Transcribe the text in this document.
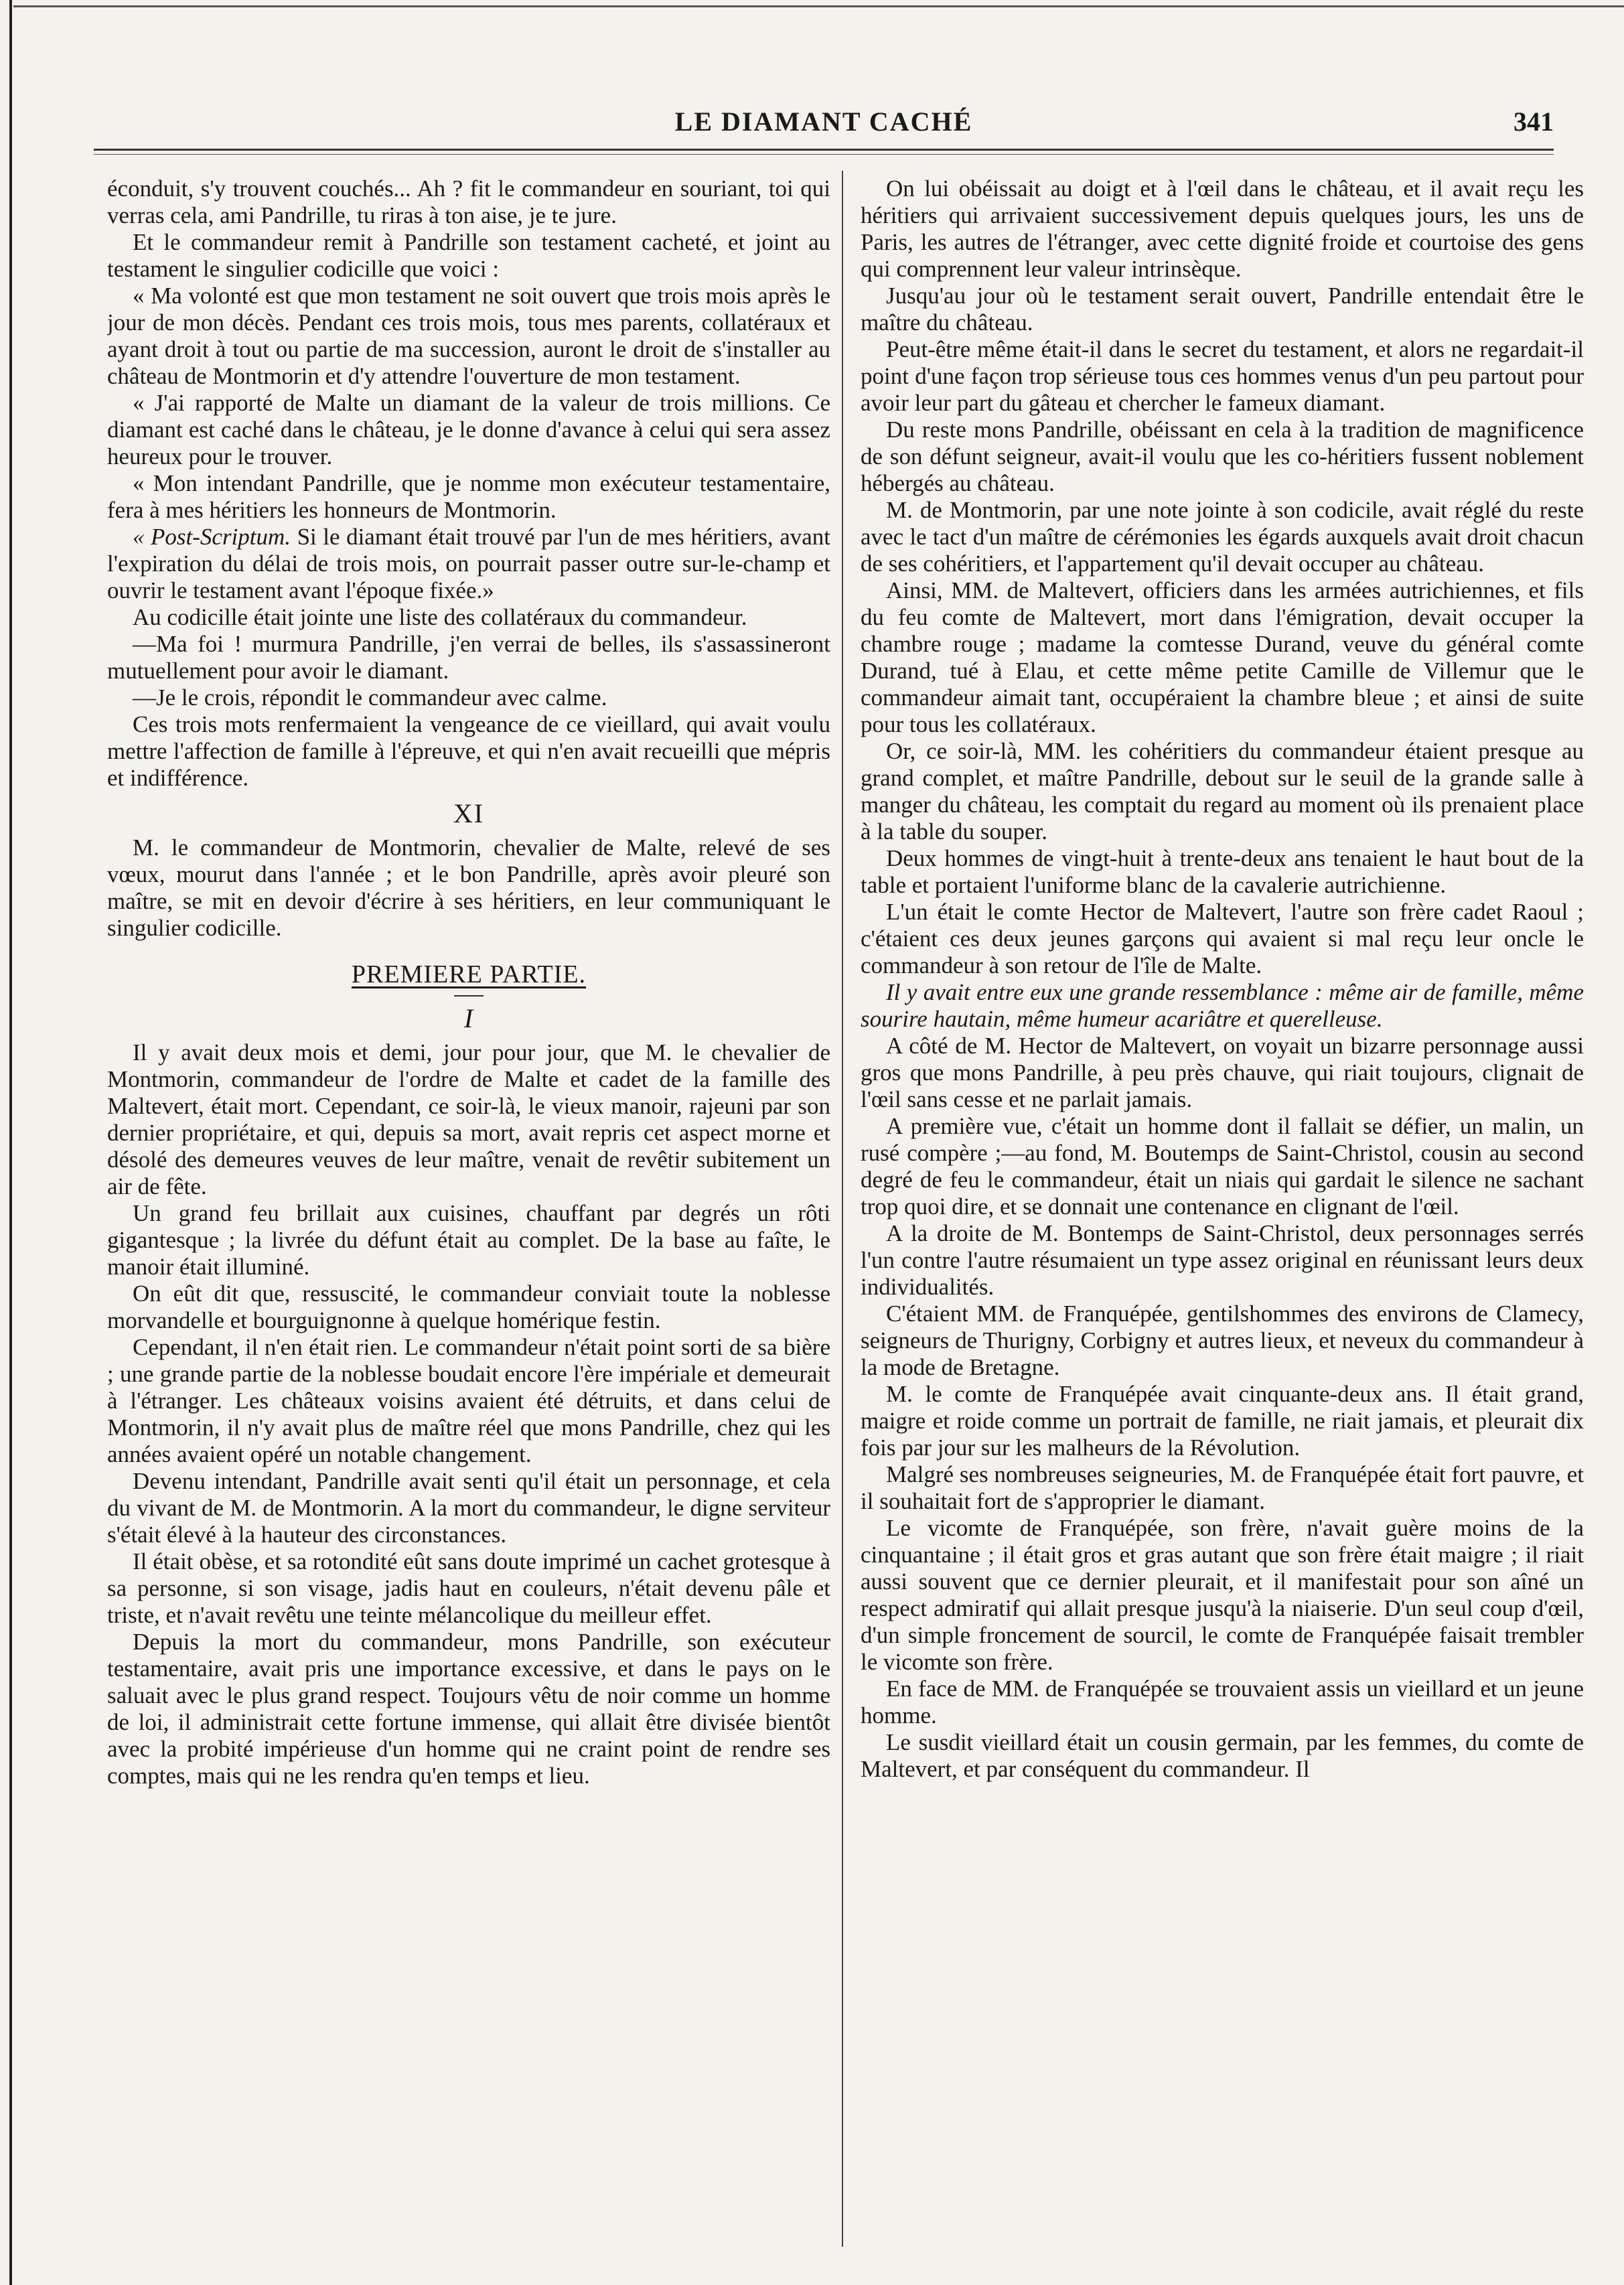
LE DIAMANT CACHÉ	341

éconduit, s'y trouvent couchés... Ah ? fit le commandeur en souriant, toi qui verras cela, ami Pandrille, tu riras à ton aise, je te jure.

Et le commandeur remit à Pandrille son testament cacheté, et joint au testament le singulier codicille que voici :

« Ma volonté est que mon testament ne soit ouvert que trois mois après le jour de mon décès. Pendant ces trois mois, tous mes parents, collatéraux et ayant droit à tout ou partie de ma succession, auront le droit de s'installer au château de Montmorin et d'y attendre l'ouverture de mon testament.

« J'ai rapporté de Malte un diamant de la valeur de trois millions. Ce diamant est caché dans le château, je le donne d'avance à celui qui sera assez heureux pour le trouver.

« Mon intendant Pandrille, que je nomme mon exécuteur testamentaire, fera à mes héritiers les honneurs de Montmorin.

« Post-Scriptum. Si le diamant était trouvé par l'un de mes héritiers, avant l'expiration du délai de trois mois, on pourrait passer outre sur-le-champ et ouvrir le testament avant l'époque fixée.»

Au codicille était jointe une liste des collatéraux du commandeur.

—Ma foi ! murmura Pandrille, j'en verrai de belles, ils s'assassineront mutuellement pour avoir le diamant.

—Je le crois, répondit le commandeur avec calme.

Ces trois mots renfermaient la vengeance de ce vieillard, qui avait voulu mettre l'affection de famille à l'épreuve, et qui n'en avait recueilli que mépris et indifférence.

XI

M. le commandeur de Montmorin, chevalier de Malte, relevé de ses vœux, mourut dans l'année ; et le bon Pandrille, après avoir pleuré son maître, se mit en devoir d'écrire à ses héritiers, en leur communiquant le singulier codicille.

PREMIERE PARTIE.
I

Il y avait deux mois et demi, jour pour jour, que M. le chevalier de Montmorin, commandeur de l'ordre de Malte et cadet de la famille des Maltevert, était mort. Cependant, ce soir-là, le vieux manoir, rajeuni par son dernier propriétaire, et qui, depuis sa mort, avait repris cet aspect morne et désolé des demeures veuves de leur maître, venait de revêtir subitement un air de fête.

Un grand feu brillait aux cuisines, chauffant par degrés un rôti gigantesque ; la livrée du défunt était au complet. De la base au faîte, le manoir était illuminé.

On eût dit que, ressuscité, le commandeur conviait toute la noblesse morvandelle et bourguignonne à quelque homérique festin.

Cependant, il n'en était rien. Le commandeur n'était point sorti de sa bière ; une grande partie de la noblesse boudait encore l'ère impériale et demeurait à l'étranger. Les châteaux voisins avaient été détruits, et dans celui de Montmorin, il n'y avait plus de maître réel que mons Pandrille, chez qui les années avaient opéré un notable changement.

Devenu intendant, Pandrille avait senti qu'il était un personnage, et cela du vivant de M. de Montmorin. A la mort du commandeur, le digne serviteur s'était élevé à la hauteur des circonstances.

Il était obèse, et sa rotondité eût sans doute imprimé un cachet grotesque à sa personne, si son visage, jadis haut en couleurs, n'était devenu pâle et triste, et n'avait revêtu une teinte mélancolique du meilleur effet.

Depuis la mort du commandeur, mons Pandrille, son exécuteur testamentaire, avait pris une importance excessive, et dans le pays on le saluait avec le plus grand respect. Toujours vêtu de noir comme un homme de loi, il administrait cette fortune immense, qui allait être divisée bientôt avec la probité impérieuse d'un homme qui ne craint point de rendre ses comptes, mais qui ne les rendra qu'en temps et lieu.

On lui obéissait au doigt et à l'œil dans le château, et il avait reçu les héritiers qui arrivaient successivement depuis quelques jours, les uns de Paris, les autres de l'étranger, avec cette dignité froide et courtoise des gens qui comprennent leur valeur intrinsèque.

Jusqu'au jour où le testament serait ouvert, Pandrille entendait être le maître du château.

Peut-être même était-il dans le secret du testament, et alors ne regardait-il point d'une façon trop sérieuse tous ces hommes venus d'un peu partout pour avoir leur part du gâteau et chercher le fameux diamant.

Du reste mons Pandrille, obéissant en cela à la tradition de magnificence de son défunt seigneur, avait-il voulu que les co-héritiers fussent noblement hébergés au château.

M. de Montmorin, par une note jointe à son codicile, avait réglé du reste avec le tact d'un maître de cérémonies les égards auxquels avait droit chacun de ses cohéritiers, et l'appartement qu'il devait occuper au château.

Ainsi, MM. de Maltevert, officiers dans les armées autrichiennes, et fils du feu comte de Maltevert, mort dans l'émigration, devait occuper la chambre rouge ; madame la comtesse Durand, veuve du général comte Durand, tué à Elau, et cette même petite Camille de Villemur que le commandeur aimait tant, occupéraient la chambre bleue ; et ainsi de suite pour tous les collatéraux.

Or, ce soir-là, MM. les cohéritiers du commandeur étaient presque au grand complet, et maître Pandrille, debout sur le seuil de la grande salle à manger du château, les comptait du regard au moment où ils prenaient place à la table du souper.

Deux hommes de vingt-huit à trente-deux ans tenaient le haut bout de la table et portaient l'uniforme blanc de la cavalerie autrichienne.

L'un était le comte Hector de Maltevert, l'autre son frère cadet Raoul ; c'étaient ces deux jeunes garçons qui avaient si mal reçu leur oncle le commandeur à son retour de l'île de Malte.

Il y avait entre eux une grande ressemblance : même air de famille, même sourire hautain, même humeur acariâtre et querelleuse.

A côté de M. Hector de Maltevert, on voyait un bizarre personnage aussi gros que mons Pandrille, à peu près chauve, qui riait toujours, clignait de l'œil sans cesse et ne parlait jamais.

A première vue, c'était un homme dont il fallait se défier, un malin, un rusé compère ;—au fond, M. Boutemps de Saint-Christol, cousin au second degré de feu le commandeur, était un niais qui gardait le silence ne sachant trop quoi dire, et se donnait une contenance en clignant de l'œil.

A la droite de M. Bontemps de Saint-Christol, deux personnages serrés l'un contre l'autre résumaient un type assez original en réunissant leurs deux individualités.

C'étaient MM. de Franquépée, gentilshommes des environs de Clamecy, seigneurs de Thurigny, Corbigny et autres lieux, et neveux du commandeur à la mode de Bretagne.

M. le comte de Franquépée avait cinquante-deux ans. Il était grand, maigre et roide comme un portrait de famille, ne riait jamais, et pleurait dix fois par jour sur les malheurs de la Révolution.

Malgré ses nombreuses seigneuries, M. de Franquépée était fort pauvre, et il souhaitait fort de s'approprier le diamant.

Le vicomte de Franquépée, son frère, n'avait guère moins de la cinquantaine ; il était gros et gras autant que son frère était maigre ; il riait aussi souvent que ce dernier pleurait, et il manifestait pour son aîné un respect admiratif qui allait presque jusqu'à la niaiserie. D'un seul coup d'œil, d'un simple froncement de sourcil, le comte de Franquépée faisait trembler le vicomte son frère.

En face de MM. de Franquépée se trouvaient assis un vieillard et un jeune homme.

Le susdit vieillard était un cousin germain, par les femmes, du comte de Maltevert, et par conséquent du commandeur. Il
